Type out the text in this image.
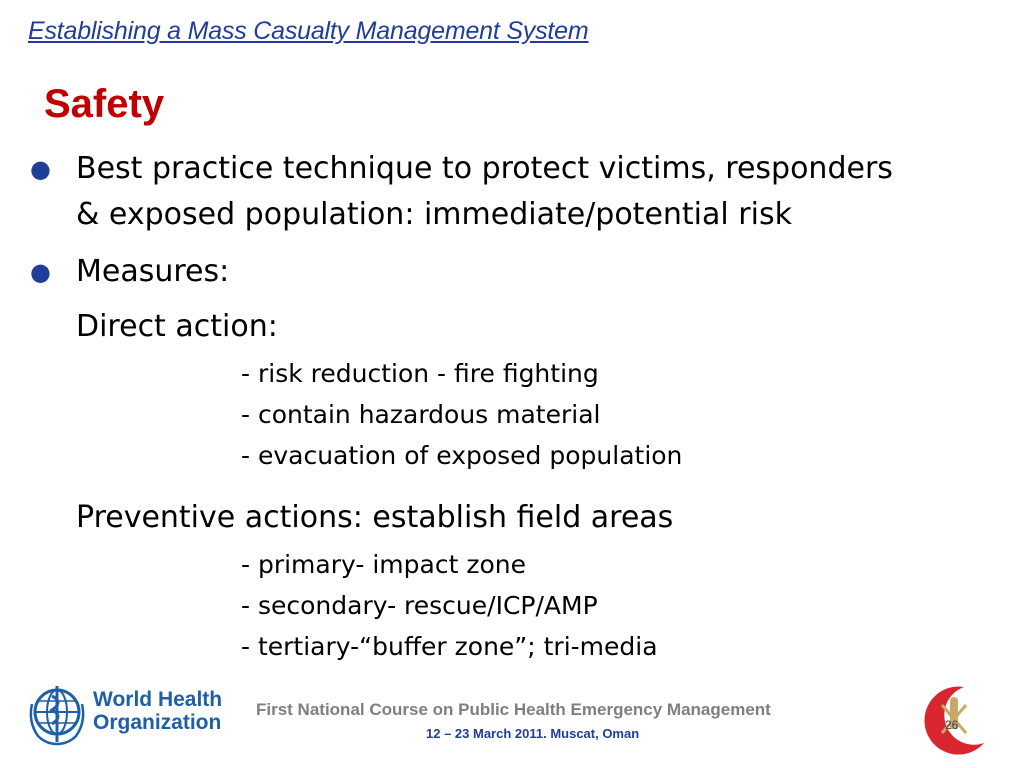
Establishing a Mass Casualty Management System
Safety
● Best practice technique to protect victims, responders
& exposed population: immediate/potential risk
● Measures:
Direct action:
- risk reduction - fire fighting
- contain hazardous material
- evacuation of exposed population
Preventive actions: establish field areas
- primary- impact zone
- secondary- rescue/ICP/AMP
- tertiary-“buffer zone”; tri-media
World Health
Organization
First National Course on Public Health Emergency Management
12 – 23 March 2011. Muscat, Oman
26
